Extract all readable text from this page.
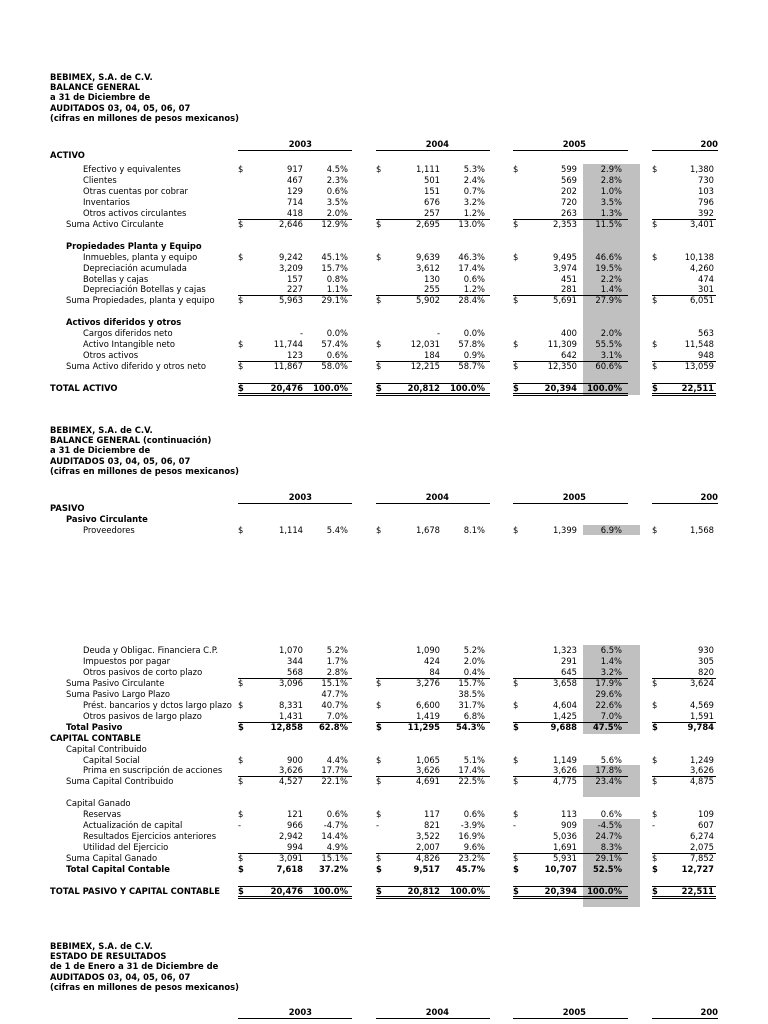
BEBIMEX, S.A. de C.V.
BALANCE GENERAL
a 31 de Diciembre de
AUDITADOS 03, 04, 05, 06, 07
(cifras en millones de pesos mexicanos)
2003	2004	2005	200
ACTIVO
Efectivo y equivalentes	$	917	4.5%	$	1,111	5.3%	$	599	2.9%	$	1,380
Clientes	467	2.3%	501	2.4%	569	2.8%	730
Otras cuentas por cobrar	129	0.6%	151	0.7%	202	1.0%	103
Inventarios	714	3.5%	676	3.2%	720	3.5%	796
Otros activos circulantes	418	2.0%	257	1.2%	263	1.3%	392
Suma Activo Circulante	$	2,646	12.9%	$	2,695	13.0%	$	2,353	11.5%	$	3,401
Propiedades Planta y Equipo
Inmuebles, planta y equipo	$	9,242	45.1%	$	9,639	46.3%	$	9,495	46.6%	$	10,138
Depreciación acumulada	3,209	15.7%	3,612	17.4%	3,974	19.5%	4,260
Botellas y cajas	157	0.8%	130	0.6%	451	2.2%	474
Depreciación Botellas y cajas	227	1.1%	255	1.2%	281	1.4%	301
Suma Propiedades, planta y equipo	$	5,963	29.1%	$	5,902	28.4%	$	5,691	27.9%	$	6,051
Activos diferidos y otros
Cargos diferidos neto	-	0.0%	-	0.0%	400	2.0%	563
Activo Intangible neto	$	11,744	57.4%	$	12,031	57.8%	$	11,309	55.5%	$	11,548
Otros activos	123	0.6%	184	0.9%	642	3.1%	948
Suma Activo diferido y otros neto	$	11,867	58.0%	$	12,215	58.7%	$	12,350	60.6%	$	13,059
TOTAL ACTIVO	$	20,476	100.0%	$	20,812	100.0%	$	20,394	100.0%	$	22,511
BEBIMEX, S.A. de C.V.
BALANCE GENERAL (continuación)
a 31 de Diciembre de
AUDITADOS 03, 04, 05, 06, 07
(cifras en millones de pesos mexicanos)
2003	2004	2005	200
PASIVO
Pasivo Circulante
Proveedores	$	1,114	5.4%	$	1,678	8.1%	$	1,399	6.9%	$	1,568
Deuda y Obligac. Financiera C.P.	1,070	5.2%	1,090	5.2%	1,323	6.5%	930
Impuestos por pagar	344	1.7%	424	2.0%	291	1.4%	305
Otros pasivos de corto plazo	568	2.8%	84	0.4%	645	3.2%	820
Suma Pasivo Circulante	$	3,096	15.1%	$	3,276	15.7%	$	3,658	17.9%	$	3,624
Suma Pasivo Largo Plazo	47.7%	38.5%	29.6%
Prést. bancarios y dctos largo plazo $	8,331	40.7%	$	6,600	31.7%	$	4,604	22.6%	$	4,569
Otros pasivos de largo plazo	1,431	7.0%	1,419	6.8%	1,425	7.0%	1,591
Total Pasivo	$	12,858	62.8%	$	11,295	54.3%	$	9,688	47.5%	$	9,784
CAPITAL CONTABLE
Capital Contribuido
Capital Social	$	900	4.4%	$	1,065	5.1%	$	1,149	5.6%	$	1,249
Prima en suscripción de acciones	3,626	17.7%	3,626	17.4%	3,626	17.8%	3,626
Suma Capital Contribuido	$	4,527	22.1%	$	4,691	22.5%	$	4,775	23.4%	$	4,875
Capital Ganado
Reservas	$	121	0.6%	$	117	0.6%	$	113	0.6%	$	109
Actualización de capital	-	966	-4.7%	-	821	-3.9%	-	909	-4.5%	-	607
Resultados Ejercicios anteriores	2,942	14.4%	3,522	16.9%	5,036	24.7%	6,274
Utilidad del Ejercicio	994	4.9%	2,007	9.6%	1,691	8.3%	2,075
Suma Capital Ganado	$	3,091	15.1%	$	4,826	23.2%	$	5,931	29.1%	$	7,852
Total Capital Contable	$	7,618	37.2%	$	9,517	45.7%	$	10,707	52.5%	$	12,727
TOTAL PASIVO Y CAPITAL CONTABLE $	20,476	100.0%	$	20,812	100.0%	$	20,394	100.0%	$	22,511
BEBIMEX, S.A. de C.V.
ESTADO DE RESULTADOS
de 1 de Enero a 31 de Diciembre de
AUDITADOS 03, 04, 05, 06, 07
(cifras en millones de pesos mexicanos)
2003	2004	2005	200
